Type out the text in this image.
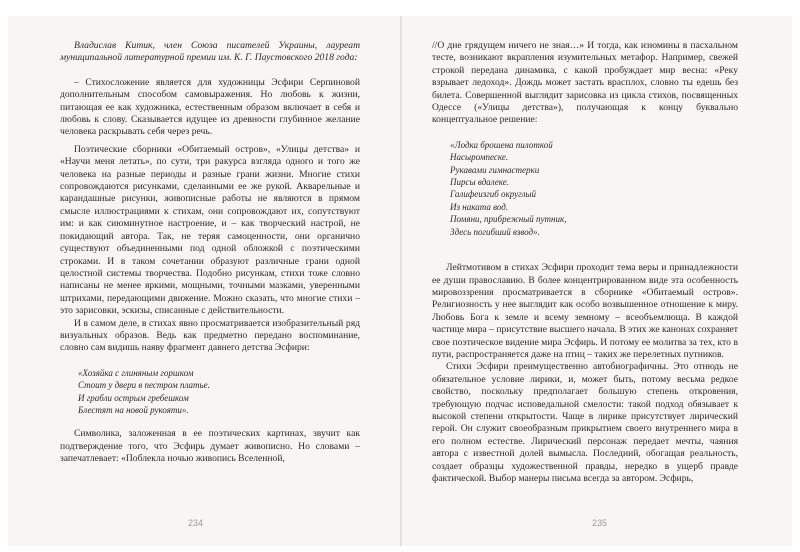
Владислав Китик, член Союза писателей Украины, лауреат муниципальной литературной премии им. К. Г. Паустовского 2018 года:

– Стихосложение является для художницы Эсфири Серпиновой дополнительным способом самовыражения. Но любовь к жизни, питающая ее как художника, естественным образом включает в себя и любовь к слову. Сказывается идущее из древности глубинное желание человека раскрывать себя через речь.

Поэтические сборники «Обитаемый остров», «Улицы детства» и «Научи меня летать», по сути, три ракурса взгляда одного и того же человека на разные периоды и разные грани жизни. Многие стихи сопровождаются рисунками, сделанными ее же рукой. Акварельные и карандашные рисунки, живописные работы не являются в прямом смысле иллюстрациями к стихам, они сопровождают их, сопутствуют им: и как сиюминутное настроение, и – как творческий настрой, не покидающий автора. Так, не теряя самоценности, они органично существуют объединенными под одной обложкой с поэтическими строками. И в таком сочетании образуют различные грани одной целостной системы творчества. Подобно рисункам, стихи тоже словно написаны не менее яркими, мощными, точными мазками, уверенными штрихами, передающими движение. Можно сказать, что многие стихи – это зарисовки, эскизы, списанные с действительности.

И в самом деле, в стихах явно просматривается изобразительный ряд визуальных образов. Ведь как предметно передано воспоминание, словно сам видишь наяву фрагмент давнего детства Эсфири:

«Хозяйка с глиняным горшком
Стоит у двери в пестром платье.
И грабли острым гребешком
Блестят на новой рукояти».

Символика, заложенная в ее поэтических картинах, звучит как подтверждение того, что Эсфирь думает живописно. Но словами – запечатлевает: «Поблекла ночью живопись Вселенной,

234

//О дне грядущем ничего не зная…» И тогда, как изюмины в пасхальном тесте, возникают вкрапления изумительных метафор. Например, свежей строкой передана динамика, с какой пробуждает мир весна: «Реку взрывает ледоход». Дождь может застать врасплох, словно ты едешь без билета. Совершенной выглядит зарисовка из цикла стихов, посвященных Одессе («Улицы детства»), получающая к концу буквально концептуальное решение:

«Лодка брошена пилоткой
Насыромпеске.
Рукавами гимнастерки
Пирсы вдалеке.
Галифеизгиб округлый
Из наката вод.
Помяни, прибрежный путник,
Здесь погибший взвод».

Лейтмотивом в стихах Эсфири проходит тема веры и принадлежности ее души православию. В более концентрированном виде эта особенность мировоззрения просматривается в сборнике «Обитаемый остров». Религиозность у нее выглядит как особо возвышенное отношение к миру. Любовь Бога к земле и всему земному – всеобъемлюща. В каждой частице мира – присутствие высшего начала. В этих же канонах сохраняет свое поэтическое видение мира Эсфирь. И потому ее молитва за тех, кто в пути, распространяется даже на птиц – таких же перелетных путников.

Стихи Эсфири преимущественно автобиографичны. Это отнюдь не обязательное условие лирики, и, может быть, потому весьма редкое свойство, поскольку предполагает большую степень откровения, требующую подчас исповедальной смелости: такой подход обязывает к высокой степени открытости. Чаще в лирике присутствует лирический герой. Он служит своеобразным прикрытием своего внутреннего мира в его полном естестве. Лирический персонаж передает мечты, чаяния автора с известной долей вымысла. Последний, обогащая реальность, создает образцы художественной правды, нередко в ущерб правде фактической. Выбор манеры письма всегда за автором. Эсфирь,

235
